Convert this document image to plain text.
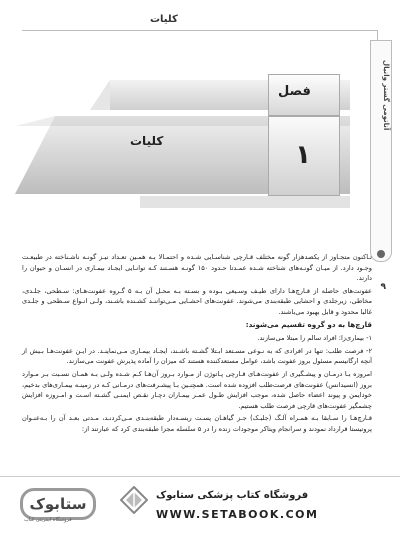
کلیات
آناتومی گستر وانیال
۹
فصل
۱
کلیات

تـاکنون متجـاوز از یکصدهزار گونه مختلف قـارچی شناسـایی شـده و احتمـالا بـه همـین تعـداد نیـز گونـه ناشـناخته در طبیعـت وجـود دارد. از میـان گونـه‌های شناخته شـده عمـدتا حـدود ۱۵۰ گونـه هسـتند کـه توانـایی ایجـاد بیمـاری در انسـان و حیوان را دارند.

عفونت‌های حاصله از قـارچ‌هـا دارای طیـف وسـیعی بـوده و بسـته بـه محـل آن بـه ۵ گـروه عفونت‌هـای: سـطحی، جلـدی، مخاطی، زیرجلدی و احشایی طبقه‌بندی می‌شوند. عفونت‌های احشـایی مـی‌تواننـد کشـنده باشـند، ولـی انـواع سـطحی و جلـدی غالبا محدود و قابل بهبود می‌باشند.

قارچ‌ها به دو گروه تقسیم می‌شوند:

۱- بیماری‌زا: افراد سالم را مبتلا می‌سازند.

۲- فرصت طلب: تنها در افرادی که به نـوعی مسـتعد ابـتلا گشـته باشـند، ایجـاد بیمـاری مـی‌نماینـد. در ایـن عفونت‌هـا بـیش از آنچه ارگانیسم مسئول بروز عفونت باشد، عوامل مستعدکننده هستند که میزان را آماده پذیرش عفونت می‌سازند.

امروزه بـا درمـان و پیشـگیری از عفونت‌هـای قـارچی پـاتوژن از مـوارد بـروز آن‌هـا کـم شـده ولـی بـه همـان نسـبت بـر مـوارد بروز (انسیدانس) عفونت‌های فرصت‌طلب افزوده شده است. همچنـین بـا پیشـرفت‌های درمـانی کـه در زمینـه بیمـاری‌های بدخیم، خودایمن و پیوند اعضاء حاصل شده، موجب افزایش طـول عمـر بیمـاران دچـار نقـص ایمنـی گشـته اسـت و امـروزه افزایش چشمگیر عفونت‌های قارچی فرصت طلب هستیم.

قـارچ‌هـا را سـابقا بـه همـراه آلـگ (جلبـک) جـز گیاهـان پسـت ریسـه‌دار طبقه‌بنـدی مـی‌کردنـد، مـدتی بعـد آن را بـه‌عنـوان پروتیستا قرارداد نمودند و سرانجام ویتاکر موجودات زنده را در ۵ سلسله مجزا طبقه‌بندی کرد که عبارتند از:

ستابوک
فروشگاه اینترنتی کتاب
فروشگاه کتاب پزشکی ستابوک
WWW.SETABOOK.COM
